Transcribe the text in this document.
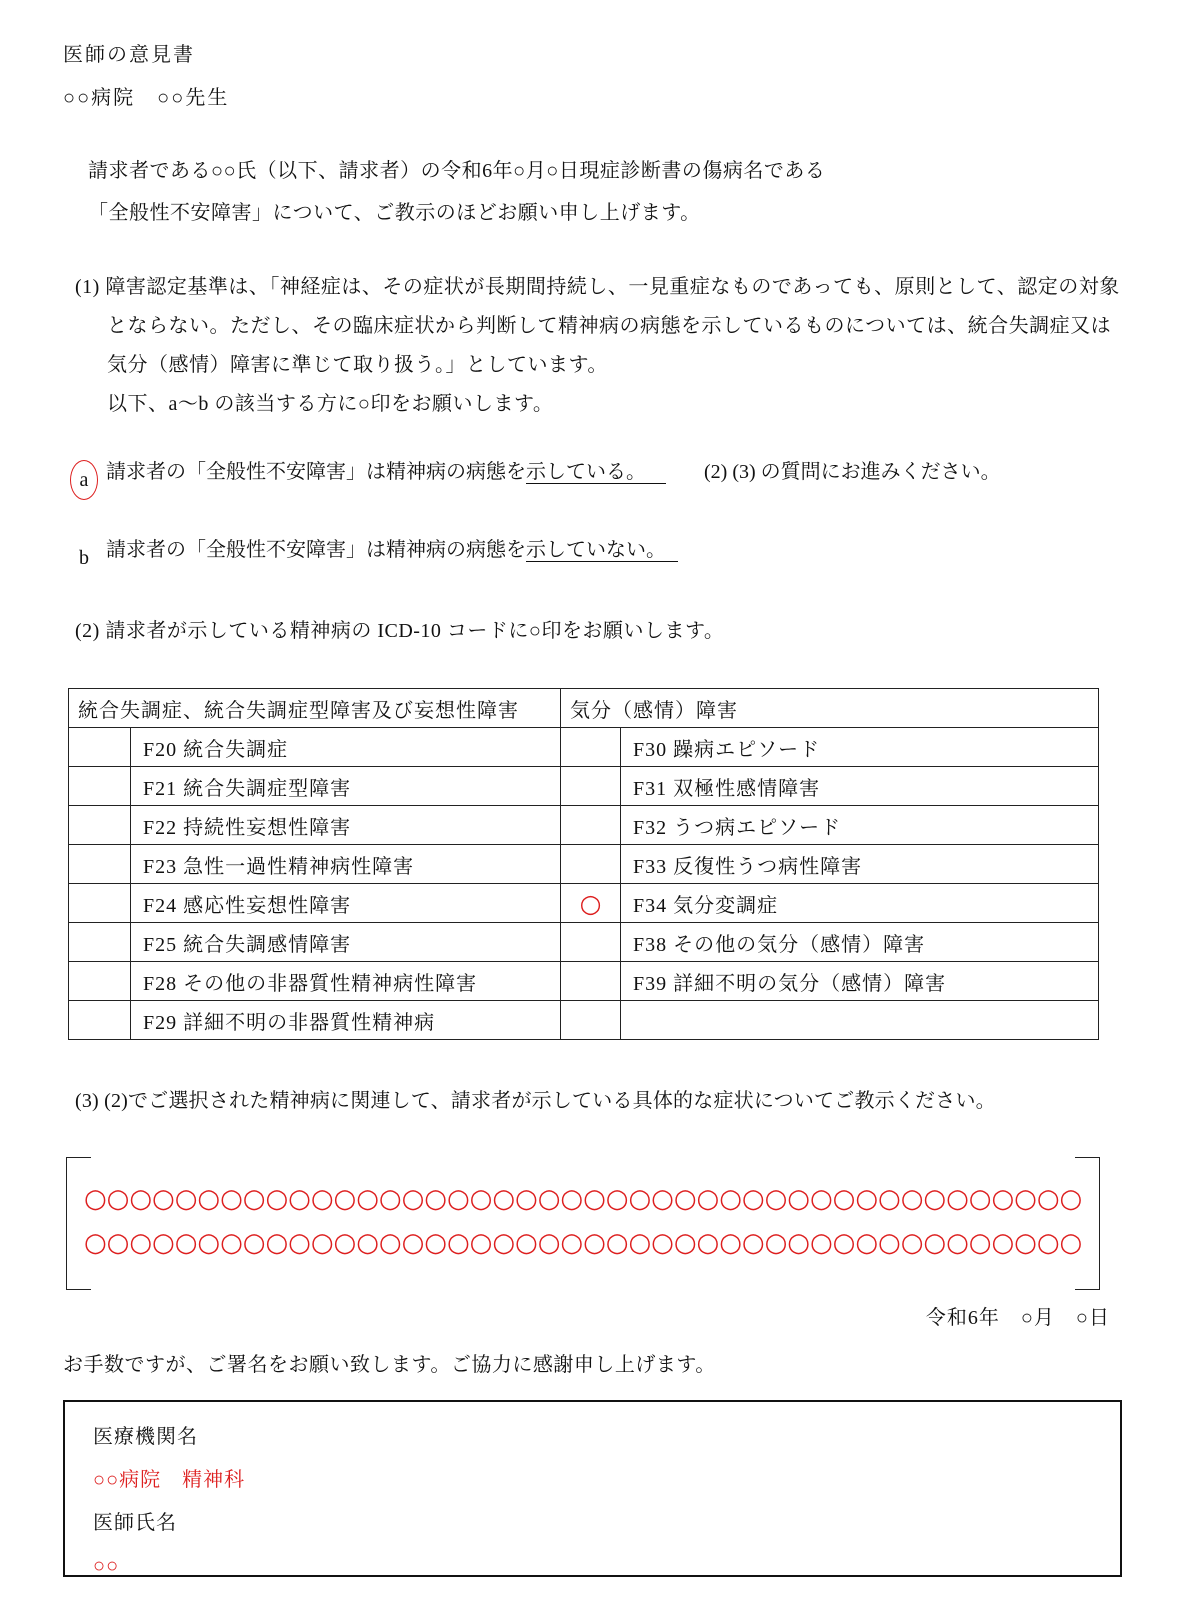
医師の意見書
○○病院　○○先生
請求者である○○氏（以下、請求者）の令和6年○月○日現症診断書の傷病名である
「全般性不安障害」について、ご教示のほどお願い申し上げます。
(1) 障害認定基準は、「神経症は、その症状が長期間持続し、一見重症なものであっても、原則として、認定の対象とならない。ただし、その臨床症状から判断して精神病の病態を示しているものについては、統合失調症又は気分（感情）障害に準じて取り扱う。」としています。
以下、a～b の該当する方に○印をお願いします。
a 請求者の「全般性不安障害」は精神病の病態を示している。	(2) (3) の質問にお進みください。
b 請求者の「全般性不安障害」は精神病の病態を示していない。
(2) 請求者が示している精神病の ICD-10 コードに○印をお願いします。
統合失調症、統合失調症型障害及び妄想性障害		気分（感情）障害	
	F20 統合失調症		F30 躁病エピソード
	F21 統合失調症型障害		F31 双極性感情障害
	F22 持続性妄想性障害		F32 うつ病エピソード
	F23 急性一過性精神病性障害		F33 反復性うつ病性障害
	F24 感応性妄想性障害	○	F34 気分変調症
	F25 統合失調感情障害		F38 その他の気分（感情）障害
	F28 その他の非器質性精神病性障害		F39 詳細不明の気分（感情）障害
	F29 詳細不明の非器質性精神病		
(3) (2)でご選択された精神病に関連して、請求者が示している具体的な症状についてご教示ください。
○○○○○○○○○○○○○○○○○○○○○○○○○○○○○○○○○○○○○○○○○○○○
○○○○○○○○○○○○○○○○○○○○○○○○○○○○○○○○○○○○○○○○○○○○
令和6年　○月　○日
お手数ですが、ご署名をお願い致します。ご協力に感謝申し上げます。
医療機関名
○○病院　精神科
医師氏名
○○
